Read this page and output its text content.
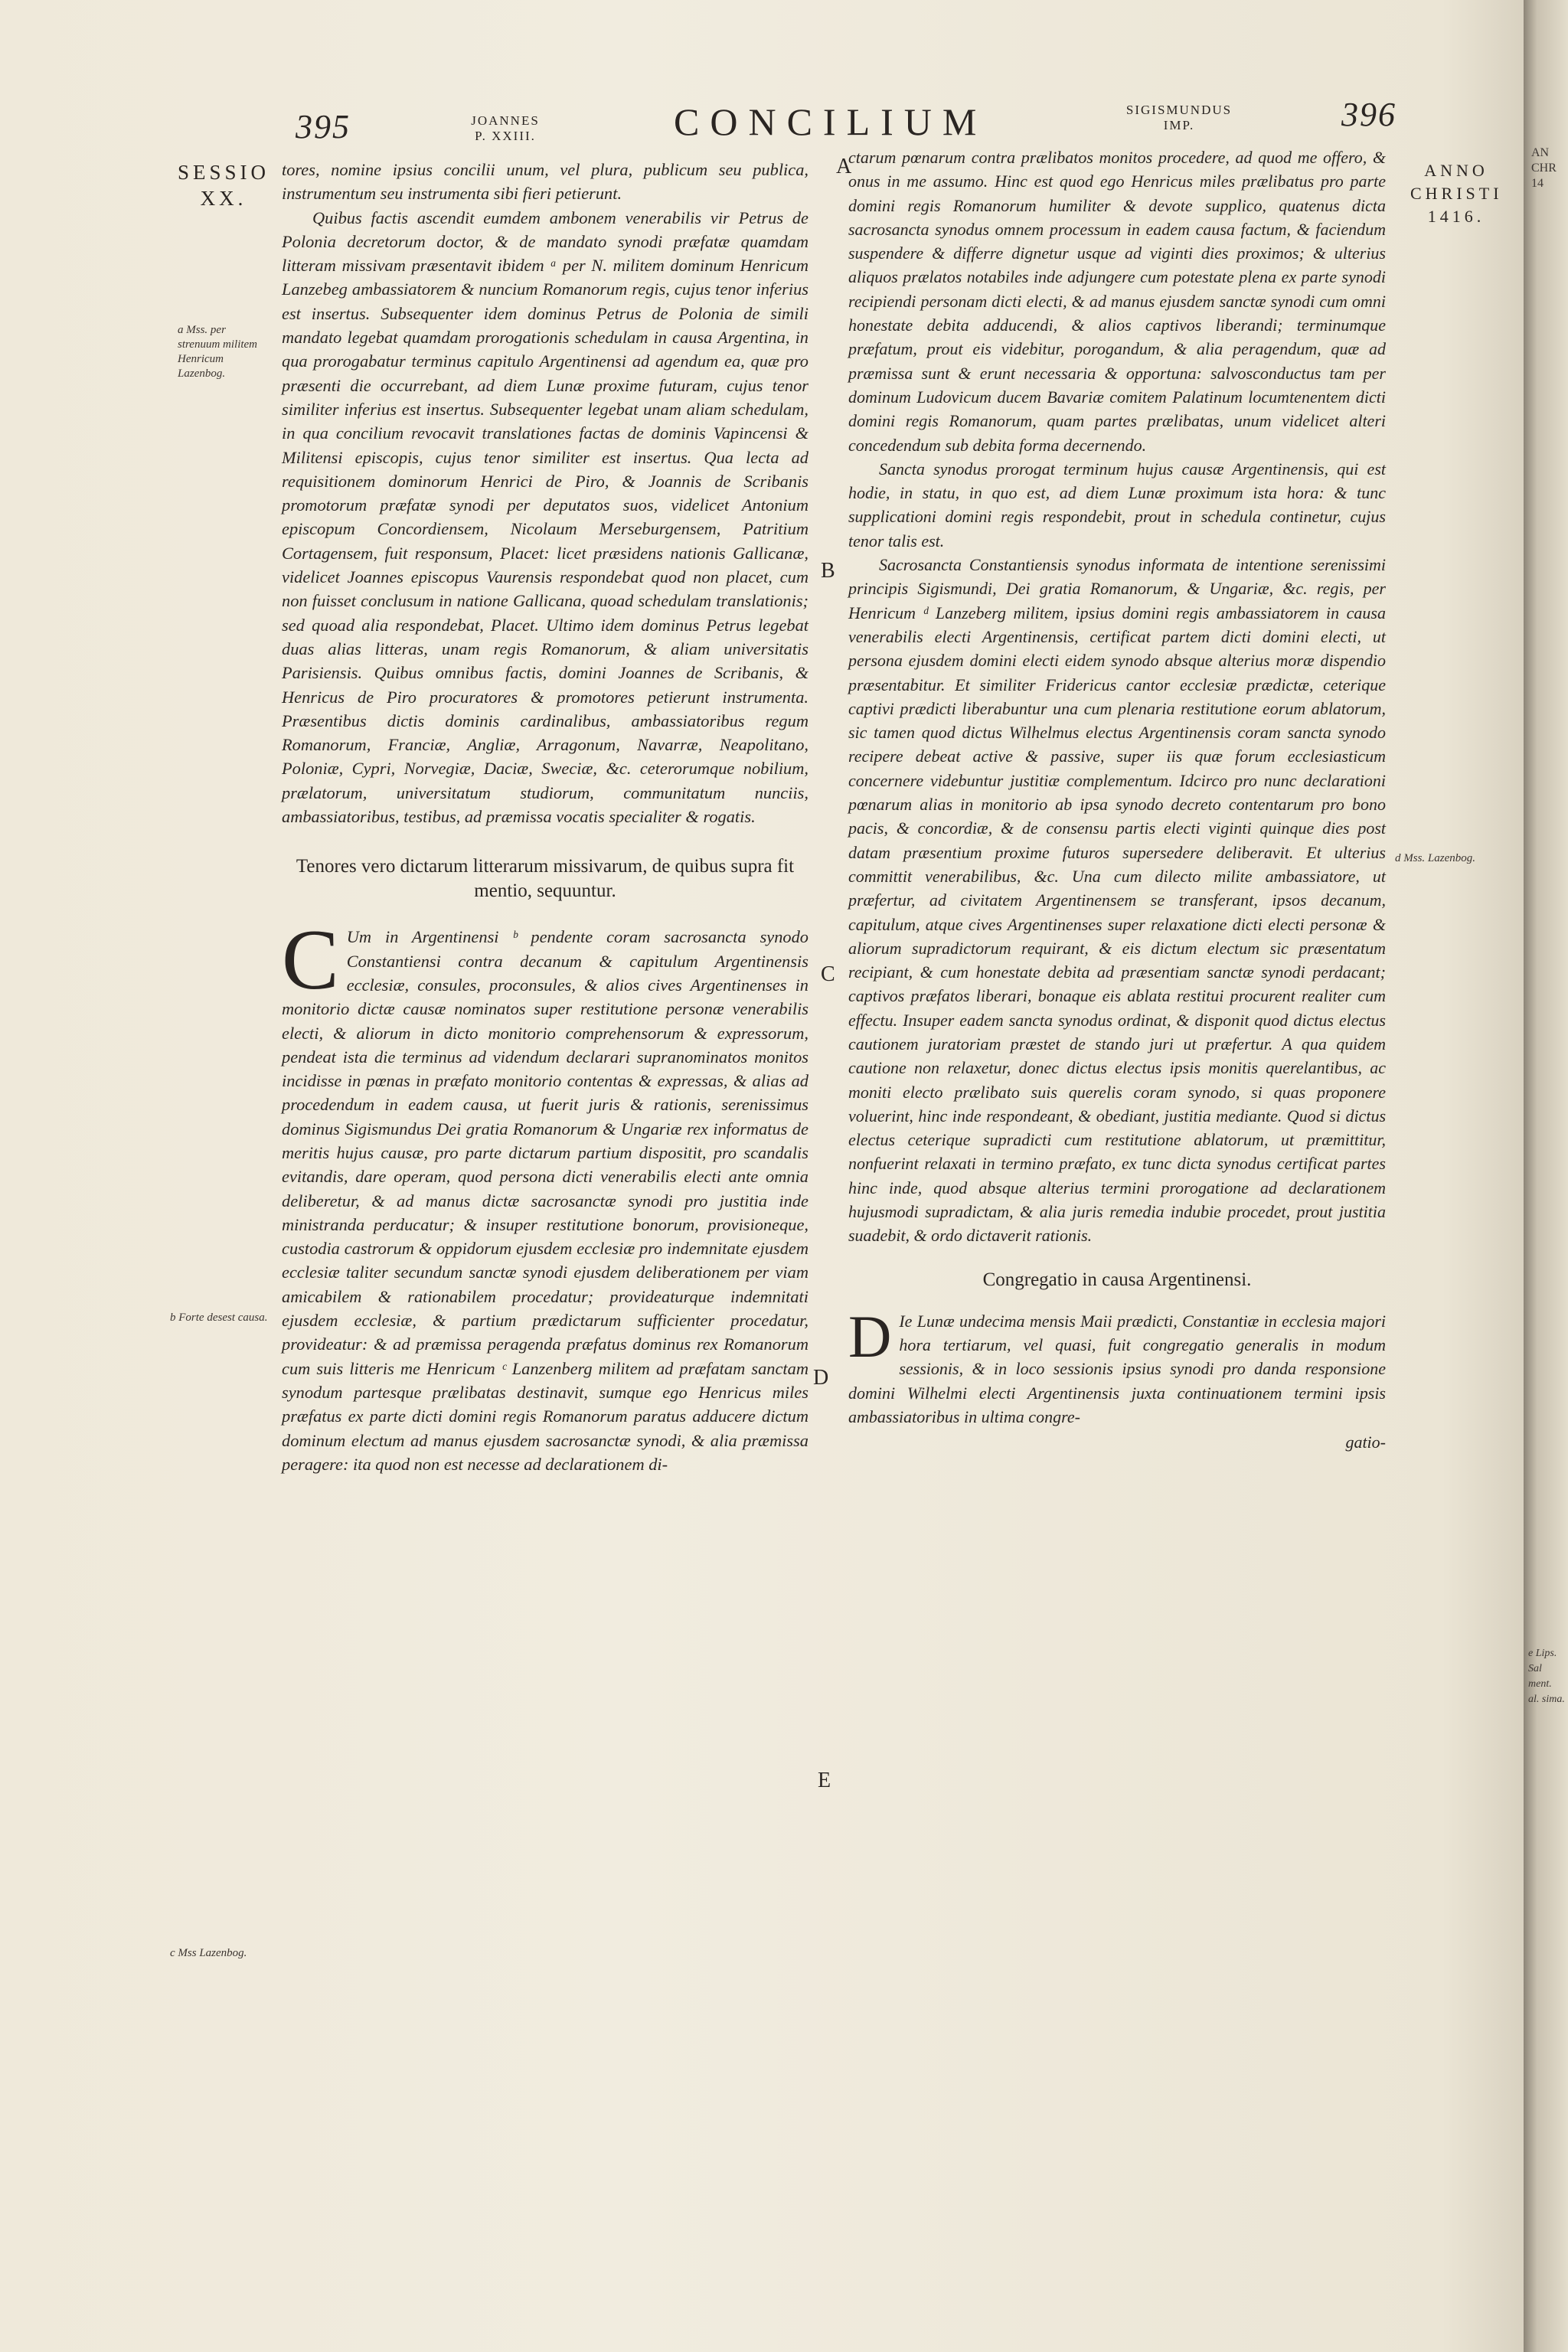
395	JOANNES
P. XXIII.	CONCILIUM	SIGISMUNDUS
IMP.	396
SESSIO
XX.
a Mss. per strenuum militem Henricum Lazenbog.
b Forte desest causa.
c Mss Lazenbog.
A
B
C
D
E
ANNO
CHRISTI
1416.
d Mss. Lazenbog.
AN CHR 14
e Lips. Sal ment. al. sima.

tores, nomine ipsius concilii unum, vel plura, publicum seu publica, instrumentum seu instrumenta sibi fieri petierunt.

Quibus factis ascendit eumdem ambonem venerabilis vir Petrus de Polonia decretorum doctor, & de mandato synodi præfatæ quamdam litteram missivam præsentavit ibidem ᵃ per N. militem dominum Henricum Lanzebeg ambassiatorem & nuncium Romanorum regis, cujus tenor inferius est insertus. Subsequenter idem dominus Petrus de Polonia de simili mandato legebat quamdam prorogationis schedulam in causa Argentina, in qua prorogabatur terminus capitulo Argentinensi ad agendum ea, quæ pro præsenti die occurrebant, ad diem Lunæ proxime futuram, cujus tenor similiter inferius est insertus. Subsequenter legebat unam aliam schedulam, in qua concilium revocavit translationes factas de dominis Vapincensi & Militensi episcopis, cujus tenor similiter est insertus. Qua lecta ad requisitionem dominorum Henrici de Piro, & Joannis de Scribanis promotorum præfatæ synodi per deputatos suos, videlicet Antonium episcopum Concordiensem, Nicolaum Merseburgensem, Patritium Cortagensem, fuit responsum, Placet: licet præsidens nationis Gallicanæ, videlicet Joannes episcopus Vaurensis respondebat quod non placet, cum non fuisset conclusum in natione Gallicana, quoad schedulam translationis; sed quoad alia respondebat, Placet. Ultimo idem dominus Petrus legebat duas alias litteras, unam regis Romanorum, & aliam universitatis Parisiensis. Quibus omnibus factis, domini Joannes de Scribanis, & Henricus de Piro procuratores & promotores petierunt instrumenta. Præsentibus dictis dominis cardinalibus, ambassiatoribus regum Romanorum, Franciæ, Angliæ, Arragonum, Navarræ, Neapolitano, Poloniæ, Cypri, Norvegiæ, Daciæ, Sweciæ, &c. ceterorumque nobilium, prælatorum, universitatum studiorum, communitatum nunciis, ambassiatoribus, testibus, ad præmissa vocatis specialiter & rogatis.

Tenores vero dictarum litterarum missivarum, de quibus supra fit mentio, sequuntur.

C Um in Argentinensi ᵇ pendente coram sacrosancta synodo Constantiensi contra decanum & capitulum Argentinensis ecclesiæ, consules, proconsules, & alios cives Argentinenses in monitorio dictæ causæ nominatos super restitutione personæ venerabilis electi, & aliorum in dicto monitorio comprehensorum & expressorum, pendeat ista die terminus ad videndum declarari supranominatos monitos incidisse in pœnas in præfato monitorio contentas & expressas, & alias ad procedendum in eadem causa, ut fuerit juris & rationis, serenissimus dominus Sigismundus Dei gratia Romanorum & Ungariæ rex informatus de meritis hujus causæ, pro parte dictarum partium dispositit, pro scandalis evitandis, dare operam, quod persona dicti venerabilis electi ante omnia deliberetur, & ad manus dictæ sacrosanctæ synodi pro justitia inde ministranda perducatur; & insuper restitutione bonorum, provisioneque, custodia castrorum & oppidorum ejusdem ecclesiæ pro indemnitate ejusdem ecclesiæ taliter secundum sanctæ synodi ejusdem deliberationem per viam amicabilem & rationabilem procedatur; provideaturque indemnitati ejusdem ecclesiæ, & partium prædictarum sufficienter procedatur, provideatur: & ad præmissa peragenda præfatus dominus rex Romanorum cum suis litteris me Henricum ᶜ Lanzenberg militem ad præfatam sanctam synodum partesque prælibatas destinavit, sumque ego Henricus miles præfatus ex parte dicti domini regis Romanorum paratus adducere dictum dominum electum ad manus ejusdem sacrosanctæ synodi, & alia præmissa peragere: ita quod non est necesse ad declarationem di-

ctarum pœnarum contra prælibatos monitos procedere, ad quod me offero, & onus in me assumo. Hinc est quod ego Henricus miles prælibatus pro parte domini regis Romanorum humiliter & devote supplico, quatenus dicta sacrosancta synodus omnem processum in eadem causa factum, & faciendum suspendere & differre dignetur usque ad viginti dies proximos; & ulterius aliquos prælatos notabiles inde adjungere cum potestate plena ex parte synodi recipiendi personam dicti electi, & ad manus ejusdem sanctæ synodi cum omni honestate debita adducendi, & alios captivos liberandi; terminumque præfatum, prout eis videbitur, porogandum, & alia peragendum, quæ ad præmissa sunt & erunt necessaria & opportuna: salvosconductus tam per dominum Ludovicum ducem Bavariæ comitem Palatinum locumtenentem dicti domini regis Romanorum, quam partes prælibatas, unum videlicet alteri concedendum sub debita forma decernendo.

Sancta synodus prorogat terminum hujus causæ Argentinensis, qui est hodie, in statu, in quo est, ad diem Lunæ proximum ista hora: & tunc supplicationi domini regis respondebit, prout in schedula continetur, cujus tenor talis est.

Sacrosancta Constantiensis synodus informata de intentione serenissimi principis Sigismundi, Dei gratia Romanorum, & Ungariæ, &c. regis, per Henricum ᵈ Lanzeberg militem, ipsius domini regis ambassiatorem in causa venerabilis electi Argentinensis, certificat partem dicti domini electi, ut persona ejusdem domini electi eidem synodo absque alterius moræ dispendio præsentabitur. Et similiter Fridericus cantor ecclesiæ prædictæ, ceterique captivi prædicti liberabuntur una cum plenaria restitutione eorum ablatorum, sic tamen quod dictus Wilhelmus electus Argentinensis coram sancta synodo recipere debeat active & passive, super iis quæ forum ecclesiasticum concernere videbuntur justitiæ complementum. Idcirco pro nunc declarationi pœnarum alias in monitorio ab ipsa synodo decreto contentarum pro bono pacis, & concordiæ, & de consensu partis electi viginti quinque dies post datam præsentium proxime futuros supersedere deliberavit. Et ulterius committit venerabilibus, &c. Una cum dilecto milite ambassiatore, ut præfertur, ad civitatem Argentinensem se transferant, ipsos decanum, capitulum, atque cives Argentinenses super relaxatione dicti electi personæ & aliorum supradictorum requirant, & eis dictum electum sic præsentatum recipiant, & cum honestate debita ad præsentiam sanctæ synodi perdacant; captivos præfatos liberari, bonaque eis ablata restitui procurent realiter cum effectu. Insuper eadem sancta synodus ordinat, & disponit quod dictus electus cautionem juratoriam præstet de stando juri ut præfertur. A qua quidem cautione non relaxetur, donec dictus electus ipsis monitis querelantibus, ac moniti electo prælibato suis querelis coram synodo, si quas proponere voluerint, hinc inde respondeant, & obediant, justitia mediante. Quod si dictus electus ceterique supradicti cum restitutione ablatorum, ut præmittitur, nonfuerint relaxati in termino præfato, ex tunc dicta synodus certificat partes hinc inde, quod absque alterius termini prorogatione ad declarationem hujusmodi supradictam, & alia juris remedia indubie procedet, prout justitia suadebit, & ordo dictaverit rationis.

Congregatio in causa Argentinensi.

D Ie Lunæ undecima mensis Maii prædicti, Constantiæ in ecclesia majori hora tertiarum, vel quasi, fuit congregatio generalis in modum sessionis, & in loco sessionis ipsius synodi pro danda responsione domini Wilhelmi electi Argentinensis juxta continuationem termini ipsis ambassiatoribus in ultima congre-

gatio-
